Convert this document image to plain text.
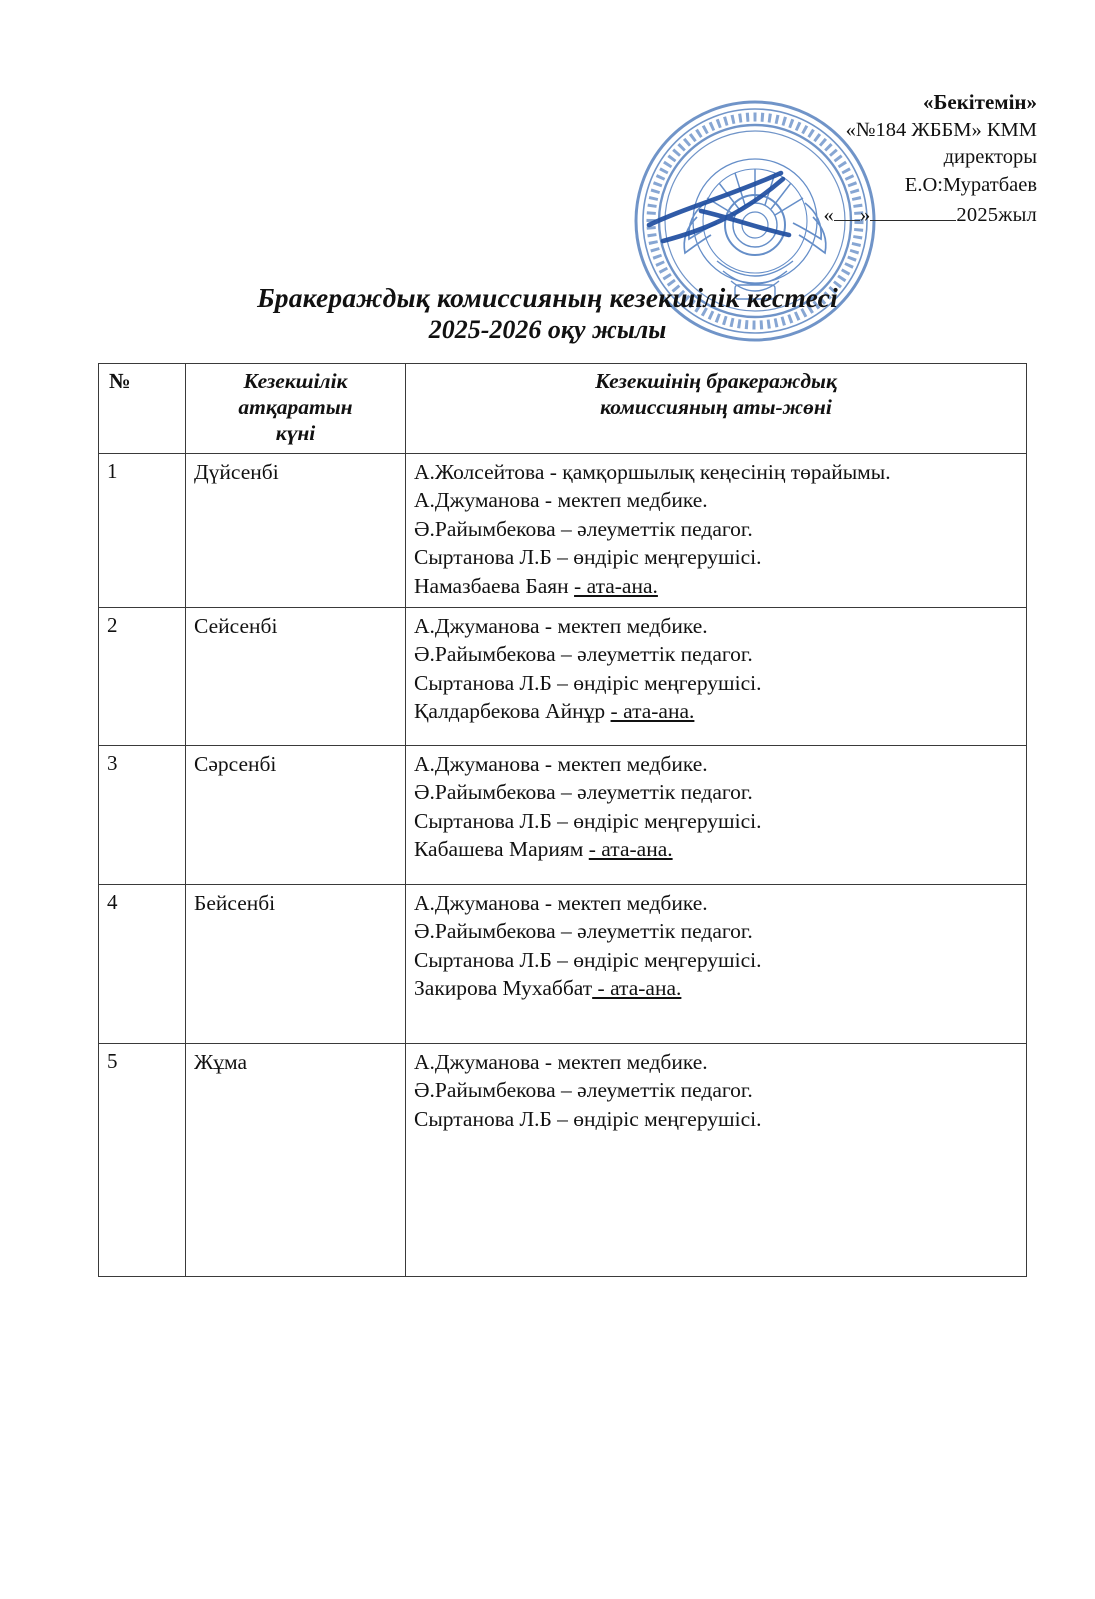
«Бекітемін»
«№184 ЖББМ» КММ
директоры
Е.О:Муратбаев
« »	2025жыл
Бракераждық комиссияның кезекшілік кестесі
2025-2026 оқу жылы
№	Кезекшілік
атқаратын
күні	Кезекшінің бракераждық
комиссияның аты-жөні
1	Дүйсенбі	А.Жолсейтова - қамқоршылық кеңесінің төрайымы.
А.Джуманова - мектеп медбике.
Ә.Райымбекова – әлеуметтік педагог.
Сыртанова Л.Б – өндіріс меңгерушісі.
Намазбаева Баян - ата-ана.

2	Сейсенбі	А.Джуманова - мектеп медбике.
Ә.Райымбекова – әлеуметтік педагог.
Сыртанова Л.Б – өндіріс меңгерушісі.
Қалдарбекова Айнұр - ата-ана.

3	Сәрсенбі	А.Джуманова - мектеп медбике.
Ә.Райымбекова – әлеуметтік педагог.
Сыртанова Л.Б – өндіріс меңгерушісі.
Кабашева Мариям - ата-ана.

4	Бейсенбі	А.Джуманова - мектеп медбике.
Ә.Райымбекова – әлеуметтік педагог.
Сыртанова Л.Б – өндіріс меңгерушісі.
Закирова Мухаббат - ата-ана.

5	Жұма	А.Джуманова - мектеп медбике.
Ә.Райымбекова – әлеуметтік педагог.
Сыртанова Л.Б – өндіріс меңгерушісі.
